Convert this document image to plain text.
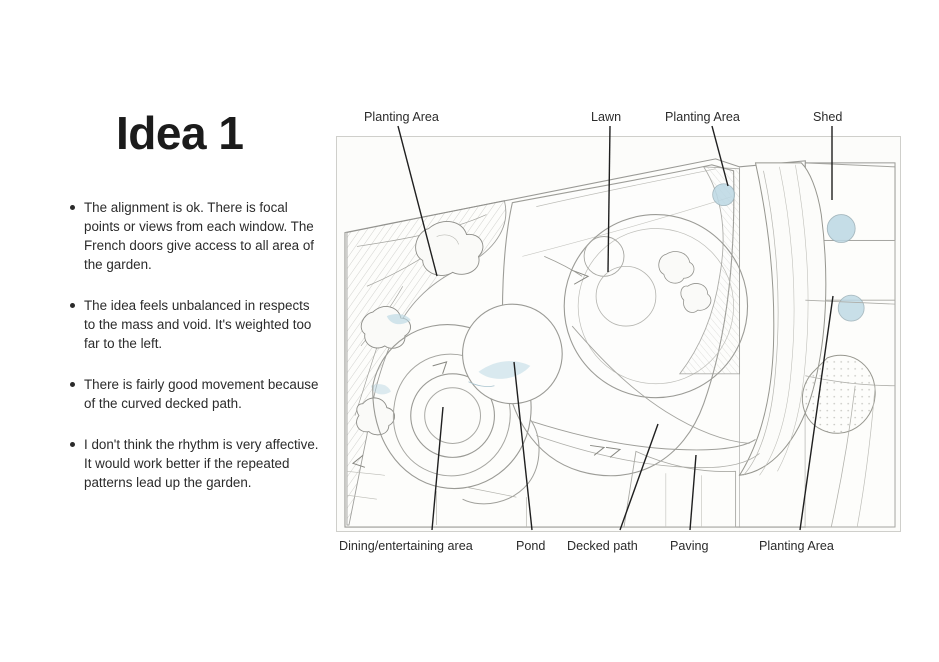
Idea 1
The alignment is ok. There is focal points or views from each window. The French doors give access to all area of the garden.
The idea feels unbalanced in respects to the mass and void. It's weighted too far to the left.
There is fairly good movement because of the curved decked path.
I don't think the rhythm is very affective. It would work better if the repeated patterns lead up the garden.
Planting Area	Lawn	Planting Area	Shed
Dining/entertaining area	Pond Decked path	Paving	Planting Area
